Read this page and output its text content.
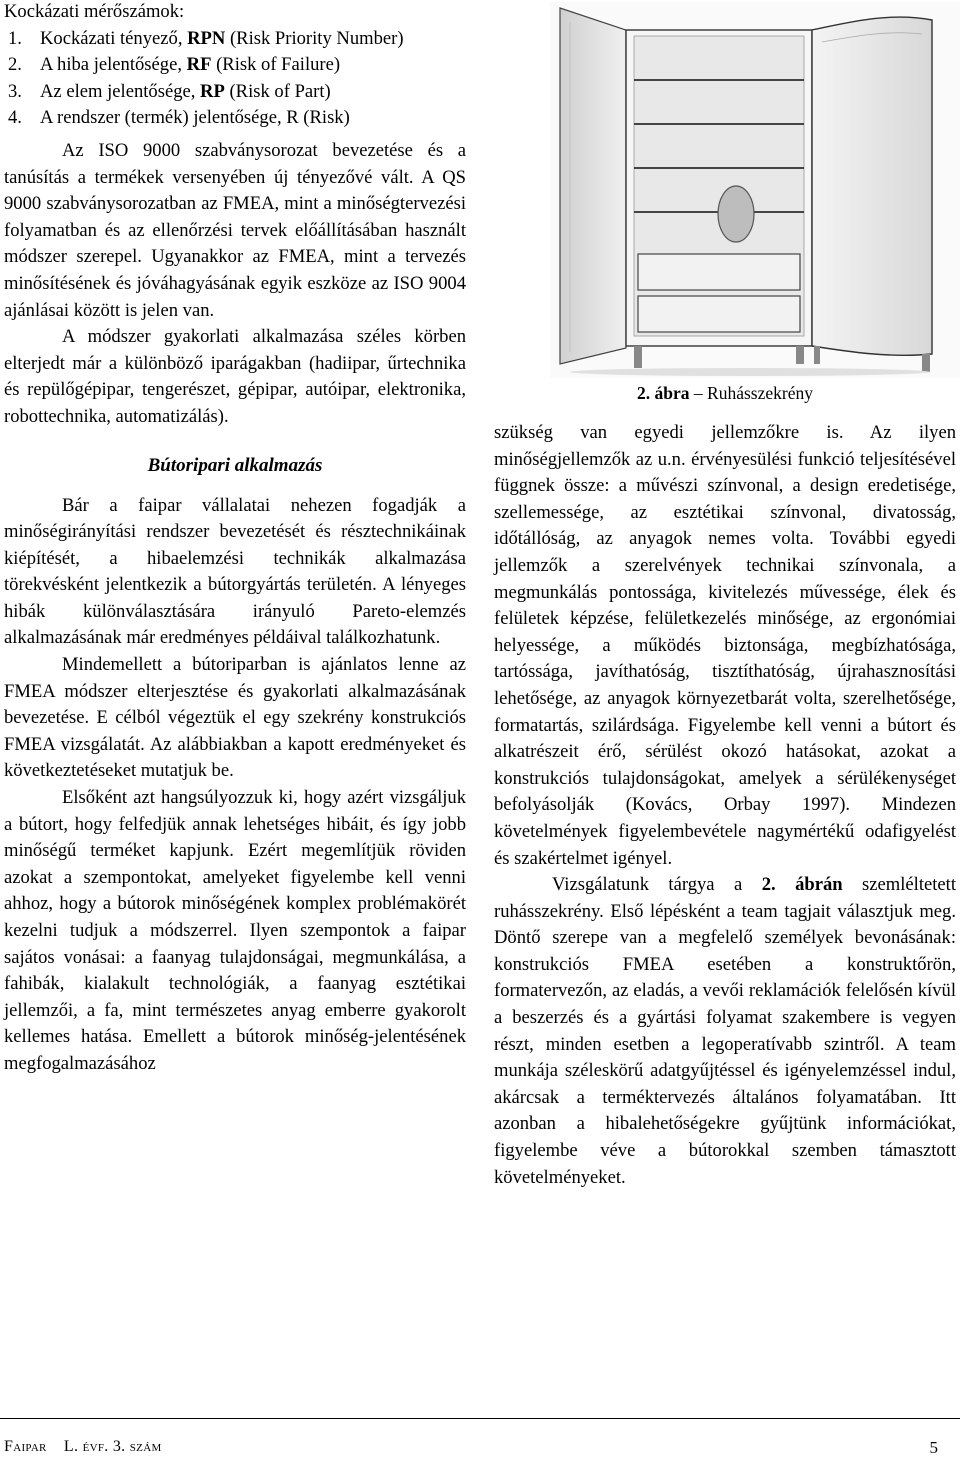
Kockázati mérőszámok:

1. Kockázati tényező, RPN (Risk Priority Number)
2. A hiba jelentősége, RF (Risk of Failure)
3. Az elem jelentősége, RP (Risk of Part)
4. A rendszer (termék) jelentősége, R (Risk)

Az ISO 9000 szabványsorozat bevezetése és a tanúsítás a termékek versenyében új tényezővé vált. A QS 9000 szabványsorozatban az FMEA, mint a minőségtervezési folyamatban és az ellenőrzési tervek előállításában használt módszer szerepel. Ugyanakkor az FMEA, mint a tervezés minősítésének és jóváhagyásának egyik eszköze az ISO 9004 ajánlásai között is jelen van.

A módszer gyakorlati alkalmazása széles körben elterjedt már a különböző iparágakban (hadiipar, űrtechnika és repülőgépipar, tengerészet, gépipar, autóipar, elektronika, robottechnika, automatizálás).

Bútoripari alkalmazás

Bár a faipar vállalatai nehezen fogadják a minőségirányítási rendszer bevezetését és résztechnikáinak kiépítését, a hibaelemzési technikák alkalmazása törekvésként jelentkezik a bútorgyártás területén. A lényeges hibák különválasztására irányuló Pareto-elemzés alkalmazásának már eredményes példáival találkozhatunk.

Mindemellett a bútoriparban is ajánlatos lenne az FMEA módszer elterjesztése és gyakorlati alkalmazásának bevezetése. E célból végeztük el egy szekrény konstrukciós FMEA vizsgálatát. Az alábbiakban a kapott eredményeket és következtetéseket mutatjuk be.

Elsőként azt hangsúlyozzuk ki, hogy azért vizsgáljuk a bútort, hogy felfedjük annak lehetséges hibáit, és így jobb minőségű terméket kapjunk. Ezért megemlítjük röviden azokat a szempontokat, amelyeket figyelembe kell venni ahhoz, hogy a bútorok minőségének komplex problémakörét kezelni tudjuk a módszerrel. Ilyen szempontok a faipar sajátos vonásai: a faanyag tulajdonságai, megmunkálása, a fahibák, kialakult technológiák, a faanyag esztétikai jellemzői, a fa, mint természetes anyag emberre gyakorolt kellemes hatása. Emellett a bútorok minőség-jelentésének megfogalmazásához

2. ábra – Ruhásszekrény

szükség van egyedi jellemzőkre is. Az ilyen minőségjellemzők az u.n. érvényesülési funkció teljesítésével függnek össze: a művészi színvonal, a design eredetisége, szellemessége, az esztétikai színvonal, divatosság, időtállóság, az anyagok nemes volta. További egyedi jellemzők a szerelvények technikai színvonala, a megmunkálás pontossága, kivitelezés művessége, élek és felületek képzése, felületkezelés minősége, az ergonómiai helyessége, a működés biztonsága, megbízhatósága, tartóssága, javíthatóság, tisztíthatóság, újrahasznosítási lehetősége, az anyagok környezetbarát volta, szerelhetősége, formatartás, szilárdsága. Figyelembe kell venni a bútort és alkatrészeit érő, sérülést okozó hatásokat, azokat a konstrukciós tulajdonságokat, amelyek a sérülékenységet befolyásolják (Kovács, Orbay 1997). Mindezen követelmények figyelembevétele nagymértékű odafigyelést és szakértelmet igényel.

Vizsgálatunk tárgya a 2. ábrán szemléltetett ruhásszekrény. Első lépésként a team tagjait választjuk meg. Döntő szerepe van a megfelelő személyek bevonásának: konstrukciós FMEA esetében a konstruktőrön, formatervezőn, az eladás, a vevői reklamációk felelősén kívül a beszerzés és a gyártási folyamat szakembere is vegyen részt, minden esetben a legoperatívabb szintről. A team munkája széleskörű adatgyűjtéssel és igényelemzéssel indul, akárcsak a terméktervezés általános folyamatában. Itt azonban a hibalehetőségekre gyűjtünk információkat, figyelembe véve a bútorokkal szemben támasztott követelményeket.

Faipar L. évf. 3. szám	5
